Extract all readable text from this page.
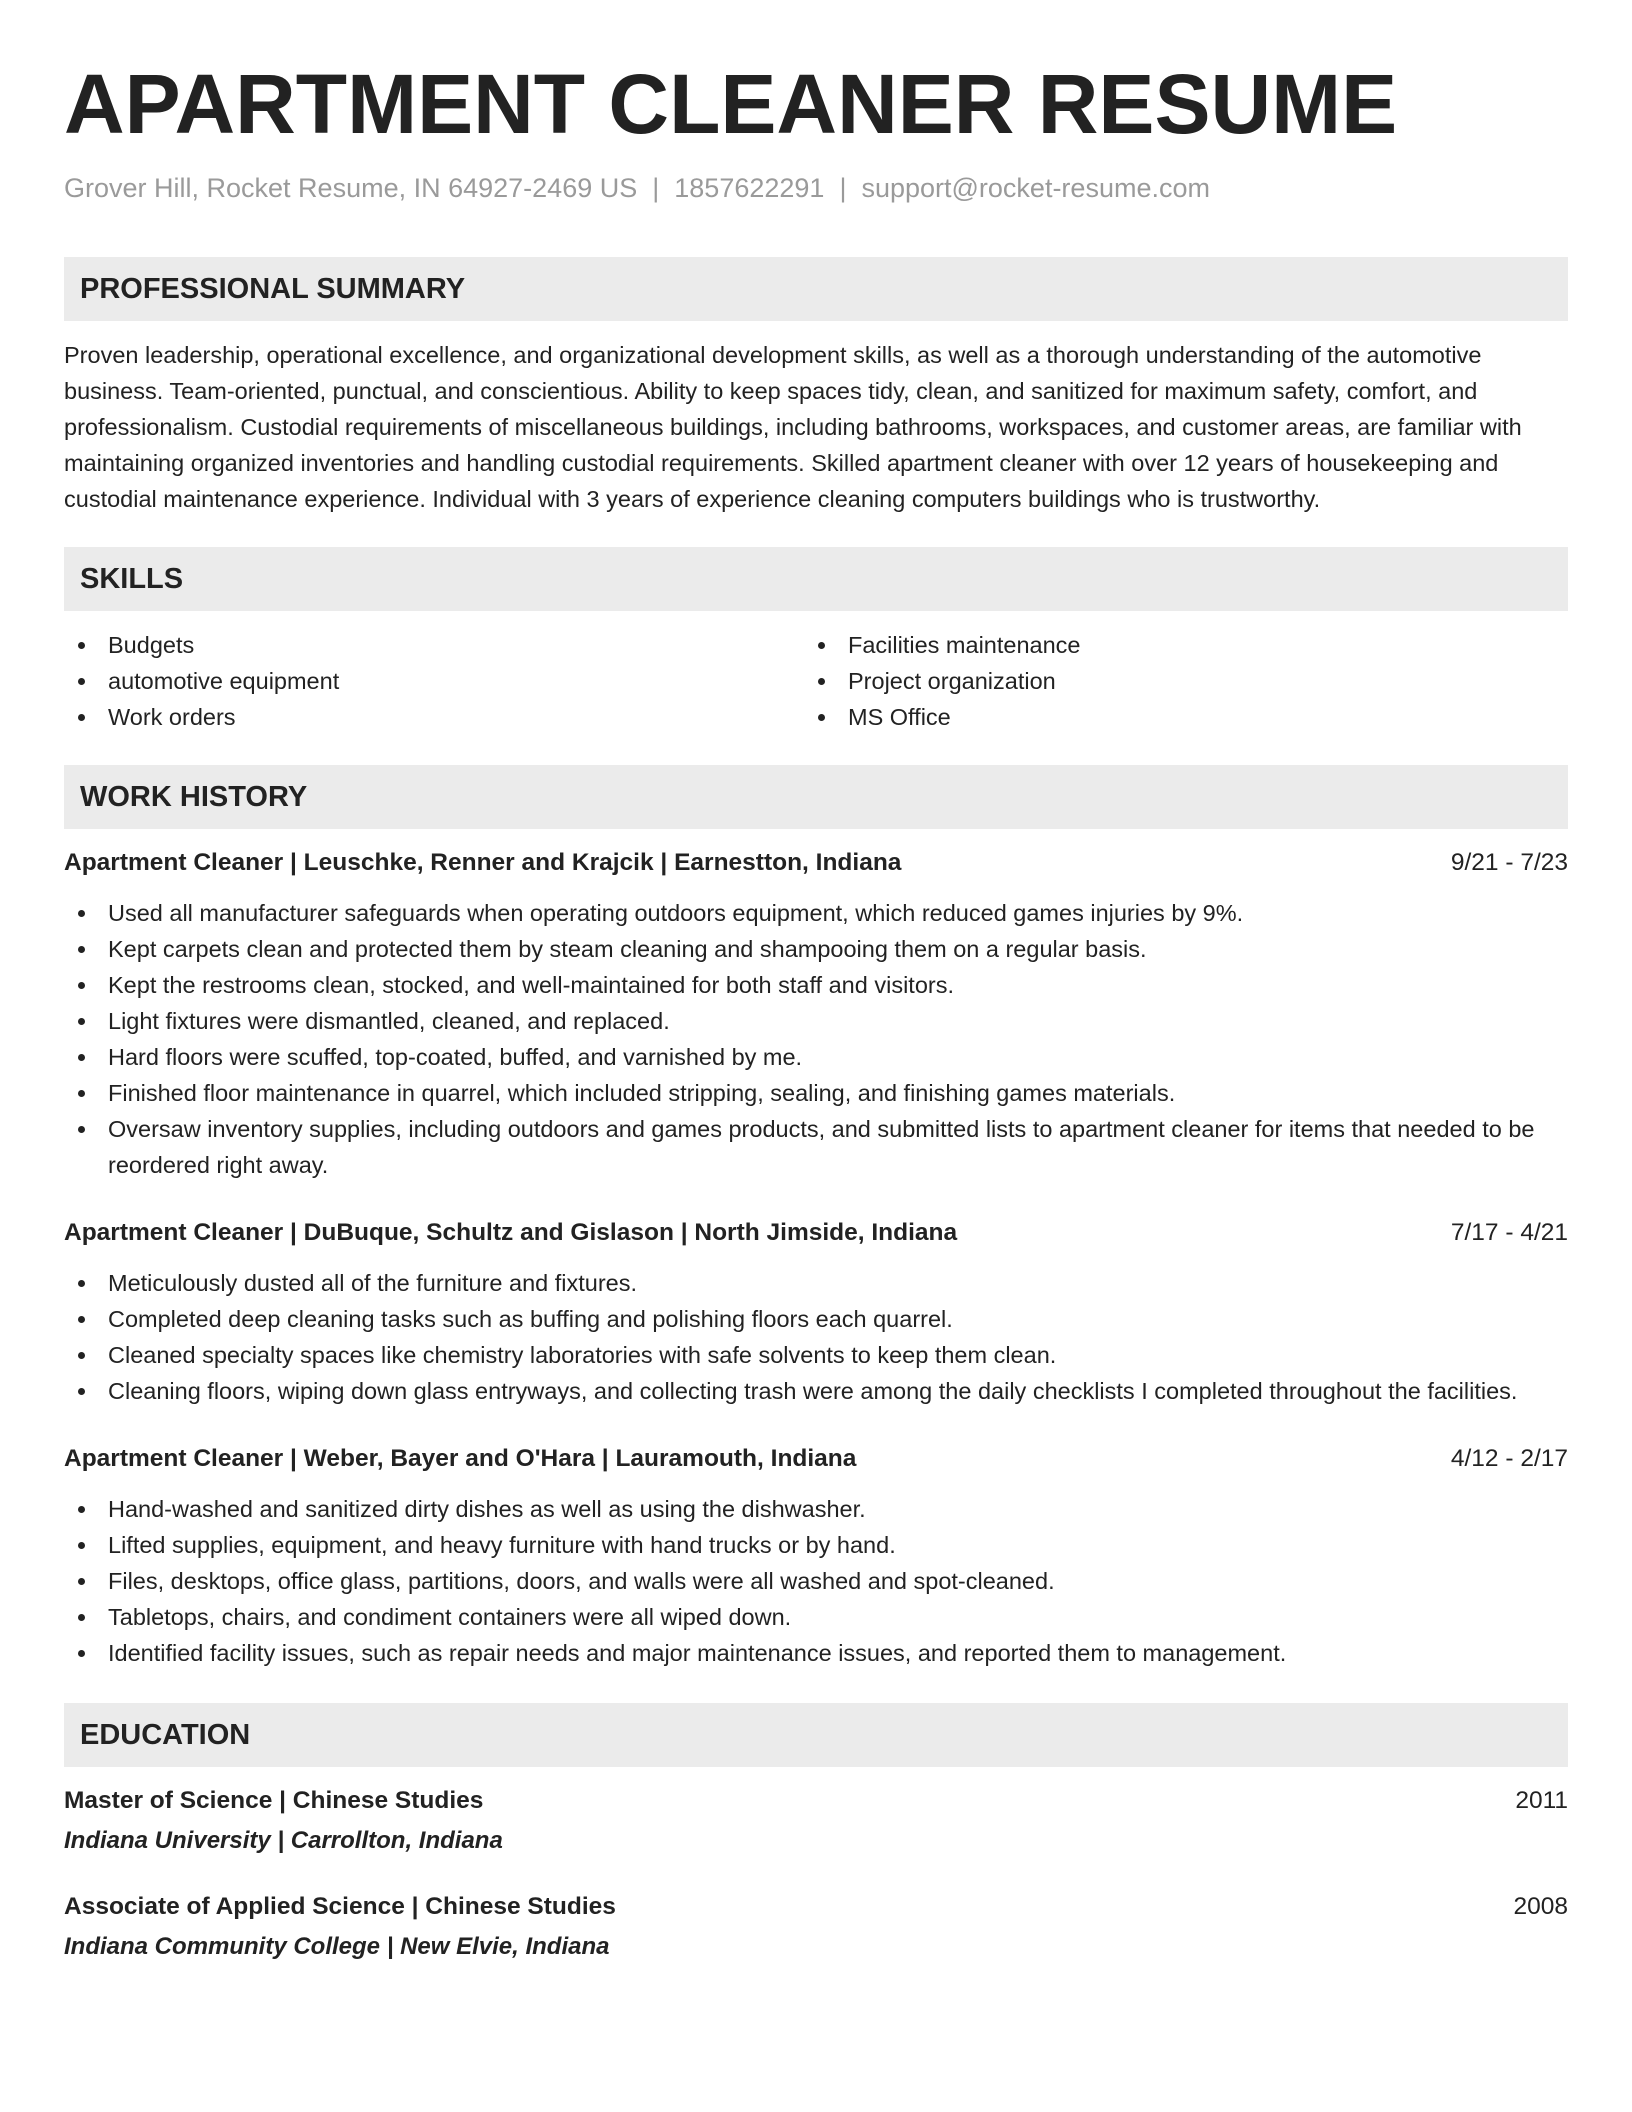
APARTMENT CLEANER RESUME
Grover Hill, Rocket Resume, IN 64927-2469 US | 1857622291 | support@rocket-resume.com
PROFESSIONAL SUMMARY
Proven leadership, operational excellence, and organizational development skills, as well as a thorough understanding of the automotive business. Team-oriented, punctual, and conscientious. Ability to keep spaces tidy, clean, and sanitized for maximum safety, comfort, and professionalism. Custodial requirements of miscellaneous buildings, including bathrooms, workspaces, and customer areas, are familiar with maintaining organized inventories and handling custodial requirements. Skilled apartment cleaner with over 12 years of housekeeping and custodial maintenance experience. Individual with 3 years of experience cleaning computers buildings who is trustworthy.
SKILLS
Budgets
automotive equipment
Work orders
Facilities maintenance
Project organization
MS Office
WORK HISTORY
Apartment Cleaner | Leuschke, Renner and Krajcik | Earnestton, Indiana	9/21 - 7/23
Used all manufacturer safeguards when operating outdoors equipment, which reduced games injuries by 9%.
Kept carpets clean and protected them by steam cleaning and shampooing them on a regular basis.
Kept the restrooms clean, stocked, and well-maintained for both staff and visitors.
Light fixtures were dismantled, cleaned, and replaced.
Hard floors were scuffed, top-coated, buffed, and varnished by me.
Finished floor maintenance in quarrel, which included stripping, sealing, and finishing games materials.
Oversaw inventory supplies, including outdoors and games products, and submitted lists to apartment cleaner for items that needed to be reordered right away.
Apartment Cleaner | DuBuque, Schultz and Gislason | North Jimside, Indiana	7/17 - 4/21
Meticulously dusted all of the furniture and fixtures.
Completed deep cleaning tasks such as buffing and polishing floors each quarrel.
Cleaned specialty spaces like chemistry laboratories with safe solvents to keep them clean.
Cleaning floors, wiping down glass entryways, and collecting trash were among the daily checklists I completed throughout the facilities.
Apartment Cleaner | Weber, Bayer and O'Hara | Lauramouth, Indiana	4/12 - 2/17
Hand-washed and sanitized dirty dishes as well as using the dishwasher.
Lifted supplies, equipment, and heavy furniture with hand trucks or by hand.
Files, desktops, office glass, partitions, doors, and walls were all washed and spot-cleaned.
Tabletops, chairs, and condiment containers were all wiped down.
Identified facility issues, such as repair needs and major maintenance issues, and reported them to management.
EDUCATION
Master of Science | Chinese Studies	2011
Indiana University | Carrollton, Indiana
Associate of Applied Science | Chinese Studies	2008
Indiana Community College | New Elvie, Indiana
